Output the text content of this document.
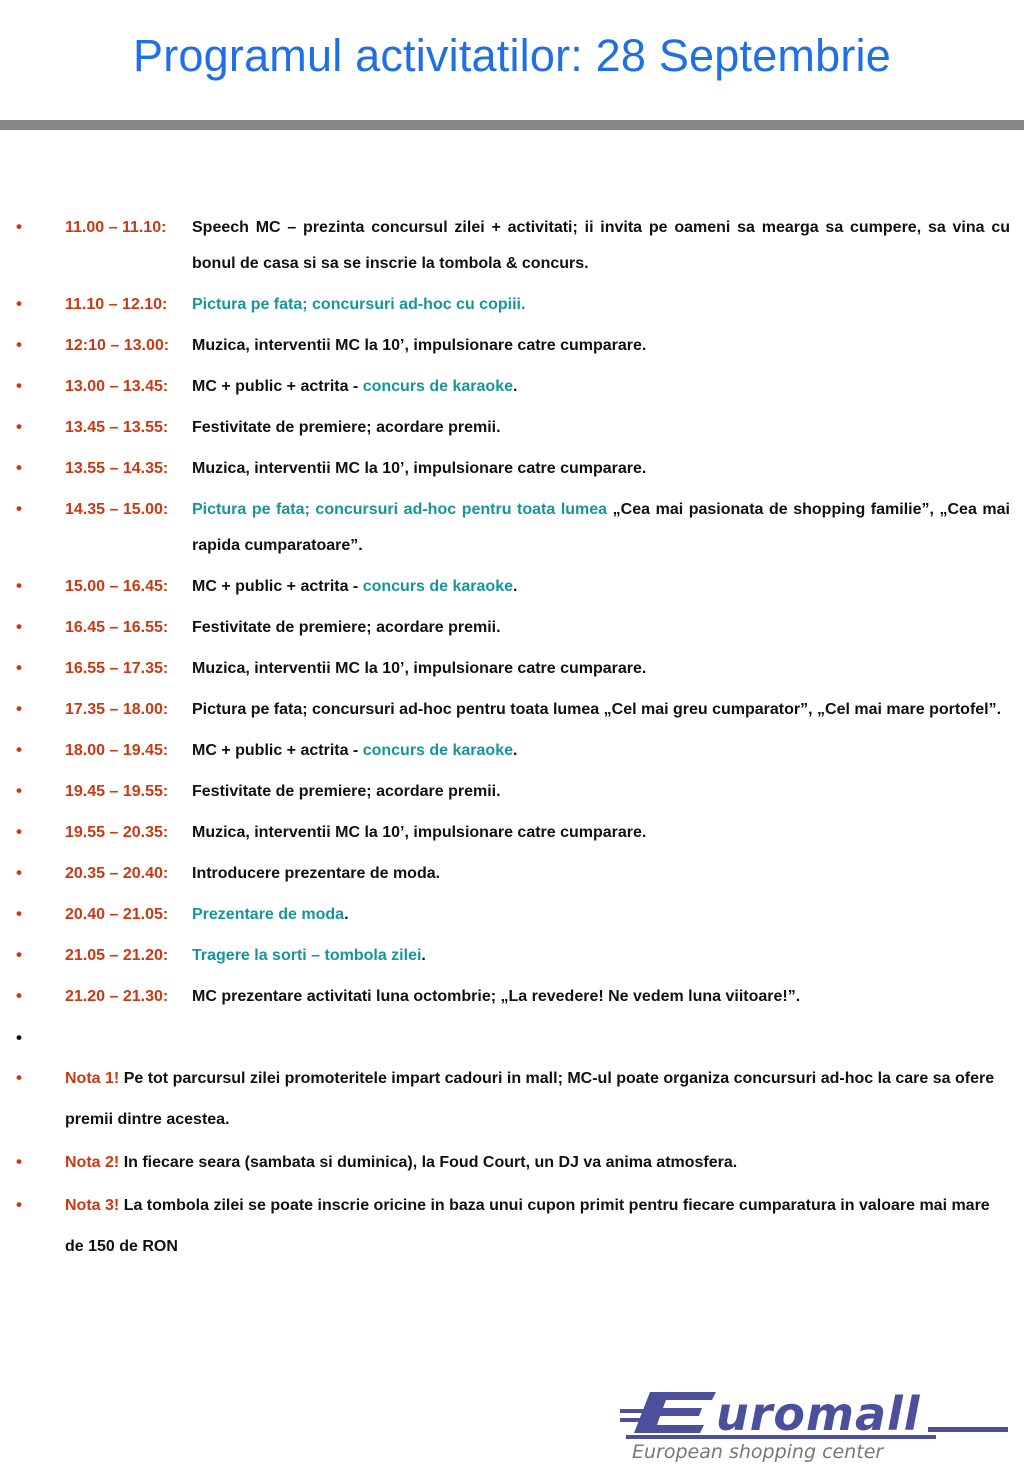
Programul activitatilor: 28 Septembrie
•	11.00 – 11.10: Speech MC – prezinta concursul zilei + activitati; ii invita pe oameni sa mearga sa cumpere, sa vina cu bonul de casa si sa se inscrie la tombola & concurs.
•	11.10 – 12.10: Pictura pe fata; concursuri ad-hoc cu copiii.
•	12:10 – 13.00: Muzica, interventii MC la 10’, impulsionare catre cumparare.
•	13.00 – 13.45: MC + public + actrita - concurs de karaoke.
•	13.45 – 13.55: Festivitate de premiere; acordare premii.
•	13.55 – 14.35: Muzica, interventii MC la 10’, impulsionare catre cumparare.
•	14.35 – 15.00: Pictura pe fata; concursuri ad-hoc pentru toata lumea „Cea mai pasionata de shopping familie”, „Cea mai rapida cumparatoare”.
•	15.00 – 16.45: MC + public + actrita - concurs de karaoke.
•	16.45 – 16.55: Festivitate de premiere; acordare premii.
•	16.55 – 17.35: Muzica, interventii MC la 10’, impulsionare catre cumparare.
•	17.35 – 18.00: Pictura pe fata; concursuri ad-hoc pentru toata lumea „Cel mai greu cumparator”, „Cel mai mare portofel”.
•	18.00 – 19.45: MC + public + actrita - concurs de karaoke.
•	19.45 – 19.55: Festivitate de premiere; acordare premii.
•	19.55 – 20.35: Muzica, interventii MC la 10’, impulsionare catre cumparare.
•	20.35 – 20.40: Introducere prezentare de moda.
•	20.40 – 21.05: Prezentare de moda.
•	21.05 – 21.20: Tragere la sorti – tombola zilei.
•	21.20 – 21.30: MC prezentare activitati luna octombrie; „La revedere! Ne vedem luna viitoare!”.
•
•	Nota 1! Pe tot parcursul zilei promoteritele impart cadouri in mall; MC-ul poate organiza concursuri ad-hoc la care sa ofere premii dintre acestea.
•	Nota 2! In fiecare seara (sambata si duminica), la Foud Court, un DJ va anima atmosfera.
•	Nota 3! La tombola zilei se poate inscrie oricine in baza unui cupon primit pentru fiecare cumparatura in valoare mai mare de 150 de RON
uromall
European shopping center
